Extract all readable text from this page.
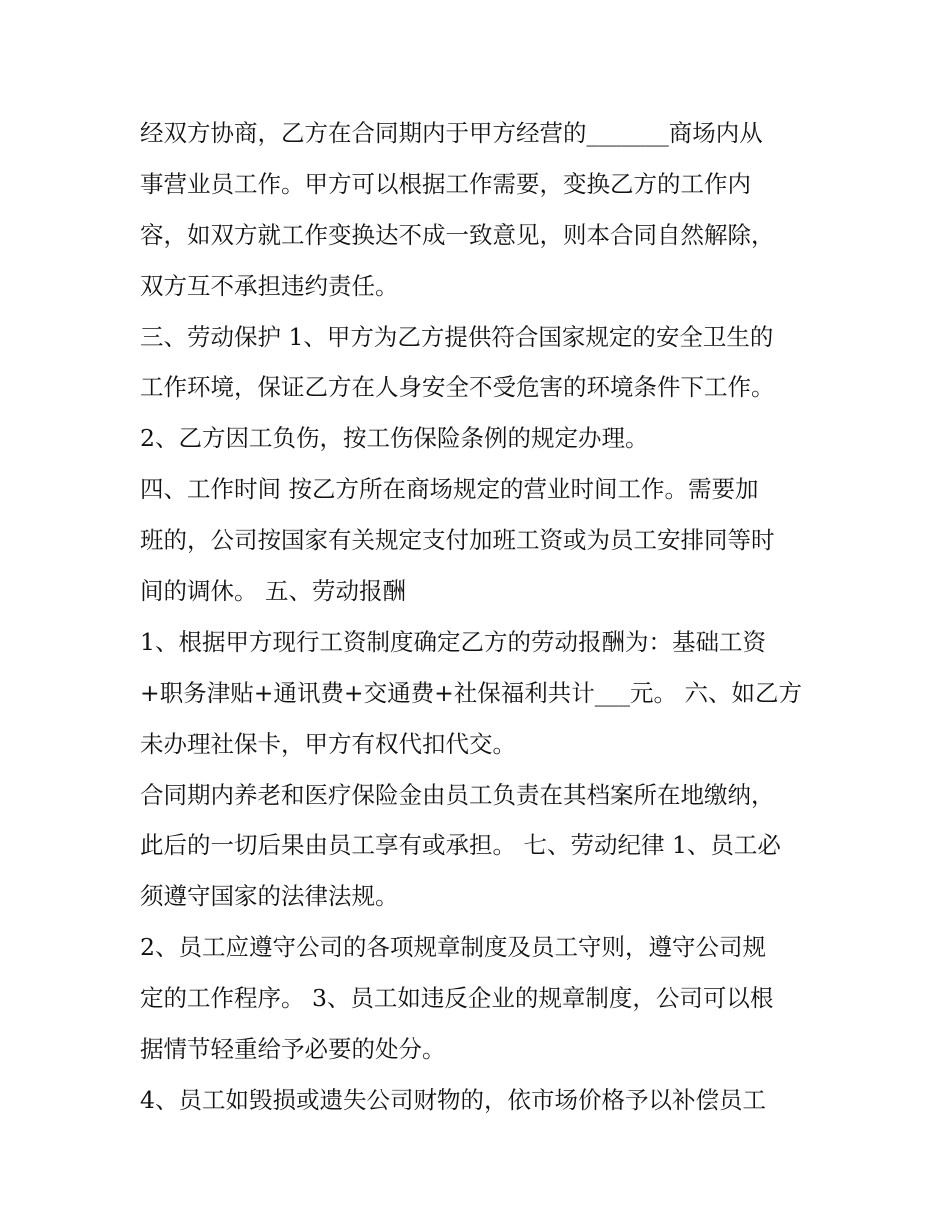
经双方协商，乙方在合同期内于甲方经营的_______商场内从
事营业员工作。甲方可以根据工作需要，变换乙方的工作内
容，如双方就工作变换达不成一致意见，则本合同自然解除，
双方互不承担违约责任。
三、劳动保护 1、甲方为乙方提供符合国家规定的安全卫生的
工作环境，保证乙方在人身安全不受危害的环境条件下工作。
2、乙方因工负伤，按工伤保险条例的规定办理。
四、工作时间 按乙方所在商场规定的营业时间工作。需要加
班的，公司按国家有关规定支付加班工资或为员工安排同等时
间的调休。 五、劳动报酬
1、根据甲方现行工资制度确定乙方的劳动报酬为：基础工资
+职务津贴+通讯费+交通费+社保福利共计___元。 六、如乙方
未办理社保卡，甲方有权代扣代交。
合同期内养老和医疗保险金由员工负责在其档案所在地缴纳，
此后的一切后果由员工享有或承担。 七、劳动纪律 1、员工必
须遵守国家的法律法规。
2、员工应遵守公司的各项规章制度及员工守则，遵守公司规
定的工作程序。 3、员工如违反企业的规章制度，公司可以根
据情节轻重给予必要的处分。
4、员工如毁损或遗失公司财物的，依市场价格予以补偿员工
